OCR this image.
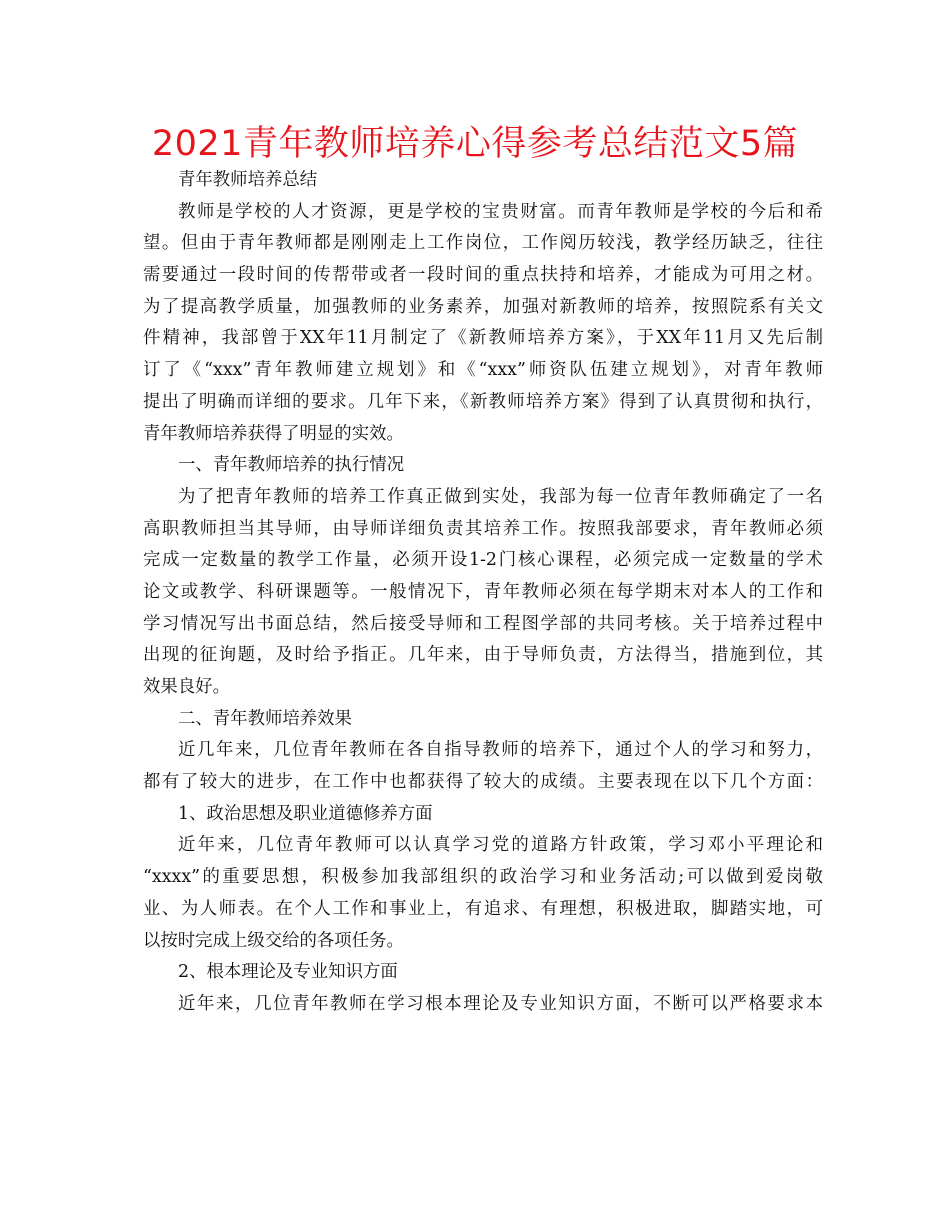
2021青年教师培养心得参考总结范文5篇
青年教师培养总结
教师是学校的人才资源，更是学校的宝贵财富。而青年教师是学校的今后和希
望。但由于青年教师都是刚刚走上工作岗位，工作阅历较浅，教学经历缺乏，往往
需要通过一段时间的传帮带或者一段时间的重点扶持和培养，才能成为可用之材。
为了提高教学质量，加强教师的业务素养，加强对新教师的培养，按照院系有关文
件精神，我部曾于XX年11月制定了《新教师培养方案》，于XX年11月又先后制
订了《“xxx”青年教师建立规划》和《“xxx”师资队伍建立规划》，对青年教师
提出了明确而详细的要求。几年下来，《新教师培养方案》得到了认真贯彻和执行，
青年教师培养获得了明显的实效。
一、青年教师培养的执行情况
为了把青年教师的培养工作真正做到实处，我部为每一位青年教师确定了一名
高职教师担当其导师，由导师详细负责其培养工作。按照我部要求，青年教师必须
完成一定数量的教学工作量，必须开设1-2门核心课程，必须完成一定数量的学术
论文或教学、科研课题等。一般情况下，青年教师必须在每学期末对本人的工作和
学习情况写出书面总结，然后接受导师和工程图学部的共同考核。关于培养过程中
出现的征询题，及时给予指正。几年来，由于导师负责，方法得当，措施到位，其
效果良好。
二、青年教师培养效果
近几年来，几位青年教师在各自指导教师的培养下，通过个人的学习和努力，
都有了较大的进步，在工作中也都获得了较大的成绩。主要表现在以下几个方面：
1、政治思想及职业道德修养方面
近年来，几位青年教师可以认真学习党的道路方针政策，学习邓小平理论和
“xxxx”的重要思想，积极参加我部组织的政治学习和业务活动;可以做到爱岗敬
业、为人师表。在个人工作和事业上，有追求、有理想，积极进取，脚踏实地，可
以按时完成上级交给的各项任务。
2、根本理论及专业知识方面
近年来，几位青年教师在学习根本理论及专业知识方面，不断可以严格要求本
